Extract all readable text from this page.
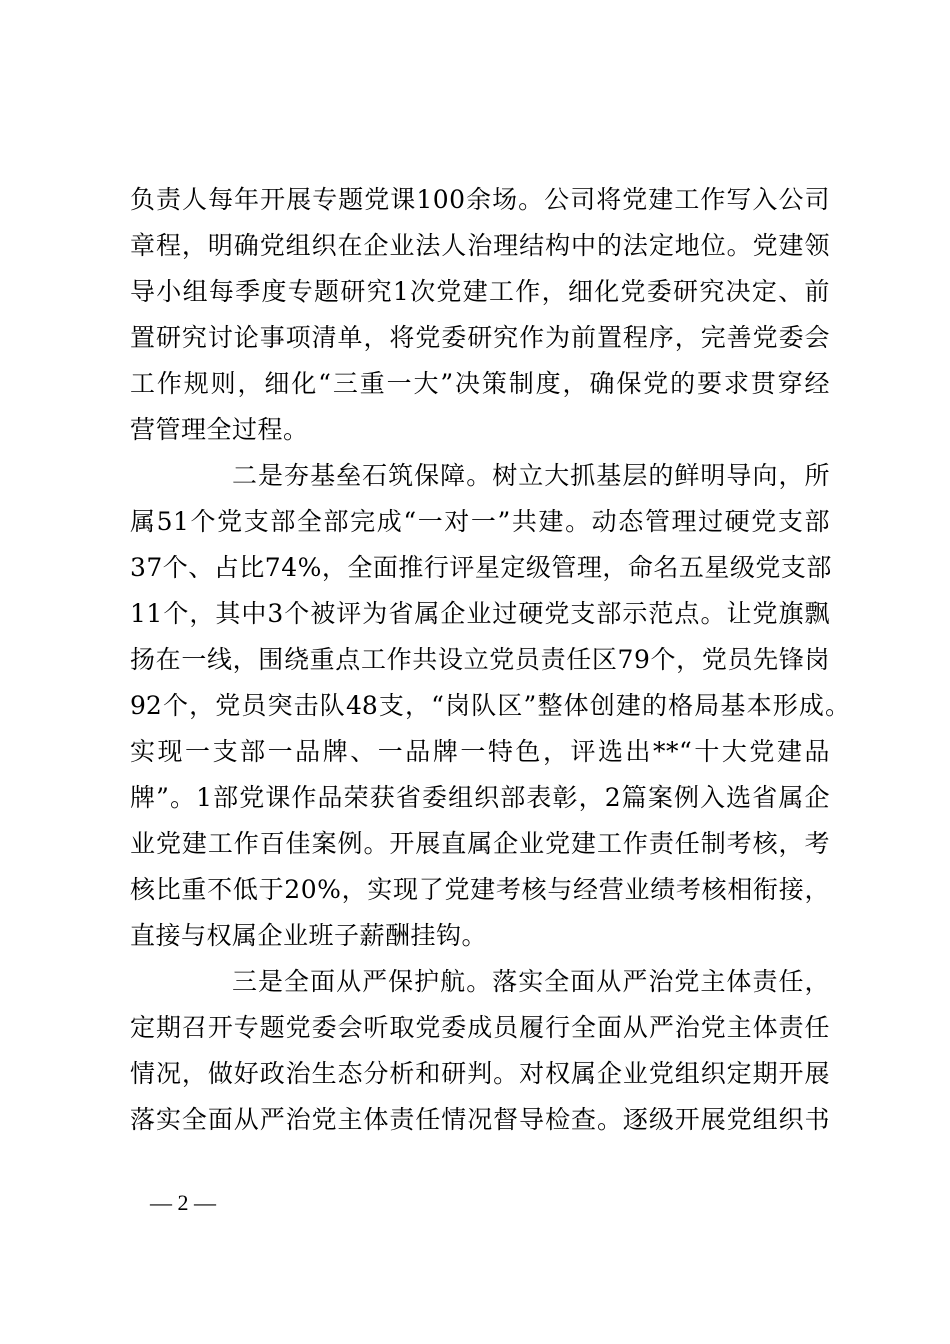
负责人每年开展专题党课100余场。公司将党建工作写入公司
章程，明确党组织在企业法人治理结构中的法定地位。党建领
导小组每季度专题研究1次党建工作，细化党委研究决定、前
置研究讨论事项清单，将党委研究作为前置程序，完善党委会
工作规则，细化“三重一大”决策制度，确保党的要求贯穿经
营管理全过程。
二是夯基垒石筑保障。树立大抓基层的鲜明导向，所
属51个党支部全部完成“一对一”共建。动态管理过硬党支部
37个、占比74%，全面推行评星定级管理，命名五星级党支部
11个，其中3个被评为省属企业过硬党支部示范点。让党旗飘
扬在一线，围绕重点工作共设立党员责任区79个，党员先锋岗
92个，党员突击队48支，“岗队区”整体创建的格局基本形成。
实现一支部一品牌、一品牌一特色，评选出**“十大党建品
牌”。1部党课作品荣获省委组织部表彰，2篇案例入选省属企
业党建工作百佳案例。开展直属企业党建工作责任制考核，考
核比重不低于20%，实现了党建考核与经营业绩考核相衔接，
直接与权属企业班子薪酬挂钩。
三是全面从严保护航。落实全面从严治党主体责任，
定期召开专题党委会听取党委成员履行全面从严治党主体责任
情况，做好政治生态分析和研判。对权属企业党组织定期开展
落实全面从严治党主体责任情况督导检查。逐级开展党组织书
— 2 —
